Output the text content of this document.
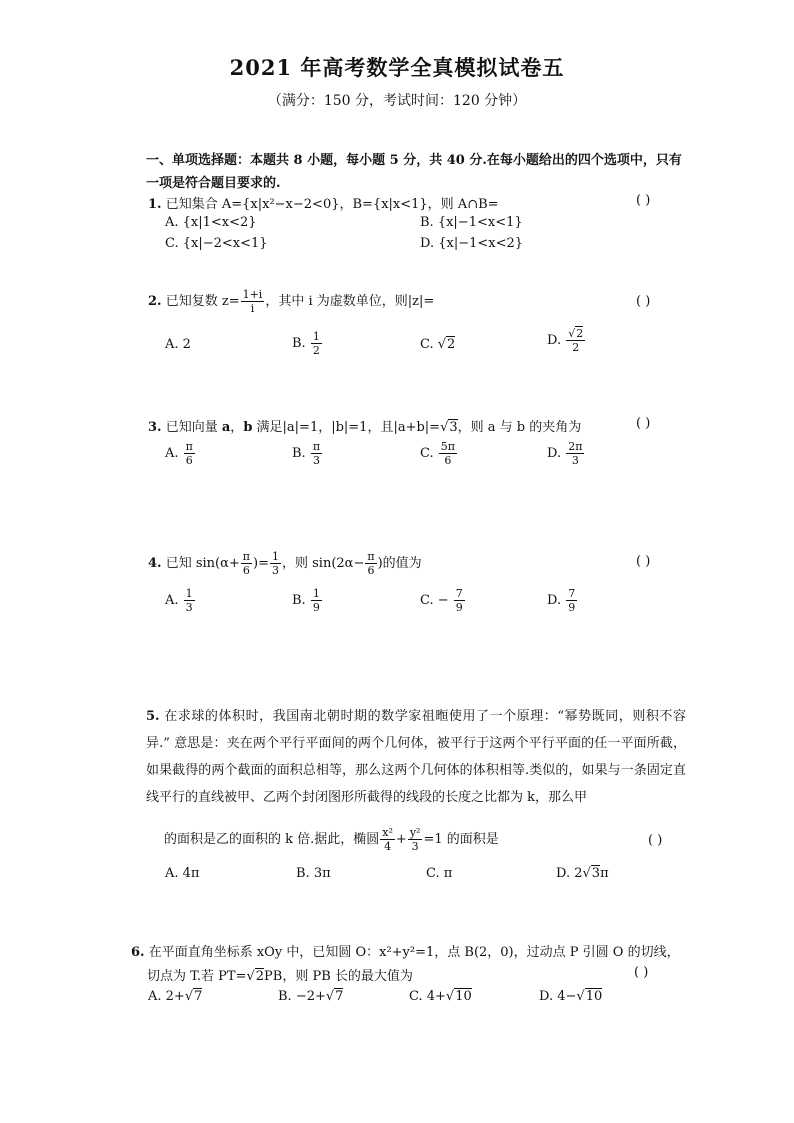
2021 年高考数学全真模拟试卷五
（满分：150 分，考试时间：120 分钟）
一、单项选择题：本题共 8 小题，每小题 5 分，共 40 分.在每小题给出的四个选项中，只有一项是符合题目要求的.
1. 已知集合 A={x|x²−x−2<0}，B={x|x<1}，则 A∩B=	( )
A. {x|1<x<2}	B. {x|−1<x<1}
C. {x|−2<x<1}	D. {x|−1<x<2}
2. 已知复数 $z= \frac{1+i}{i}$ ，其中 i 为虚数单位，则|z|=	( )
A. 2	B. $\frac{1}{2}$	C. √2	D. $\frac{√2}{2}$
3. 已知向量 a，b 满足|a|=1，|b|=1，且|a+b|=√3，则 a 与 b 的夹角为	( )
A. $\frac{\pi}{6}$	B. $\frac{\pi}{3}$	C. $\frac{5\pi}{6}$	D. $\frac{2\pi}{3}$
4. 已知 $\sin(\alpha+ \frac{\pi}{6}$ )= $\frac{1}{3}$ ，则 $\sin(2\alpha- \frac{\pi}{6}$ )的值为	( )
A. $\frac{1}{3}$	B. $\frac{1}{9}$	C. − $\frac{7}{9}$	D. $\frac{7}{9}$
5. 在求球的体积时，我国南北朝时期的数学家祖暅使用了一个原理：“幂势既同，则积不容异.” 意思是：夹在两个平行平面间的两个几何体，被平行于这两个平行平面的任一平面所截，如果截得的两个截面的面积总相等，那么这两个几何体的体积相等.类似的，如果与一条固定直线平行的直线被甲、乙两个封闭图形所截得的线段的长度之比都为 k，那么甲
的面积是乙的面积的 k 倍.据此，椭圆 $\frac{\text{x²}}{4} + \frac{\text{y²}}{3} =1$ 的面积是	( )
A. 4π	B. 3π	C. π	D. 2√3π
6. 在平面直角坐标系 xOy 中，已知圆 O：x²+y²=1，点 B(2，0)，过动点 P 引圆 O 的切线，
切点为 T.若 PT=√2PB，则 PB 长的最大值为	( )
A. 2+√7	B. −2+√7	C. 4+√10	D. 4−√10
